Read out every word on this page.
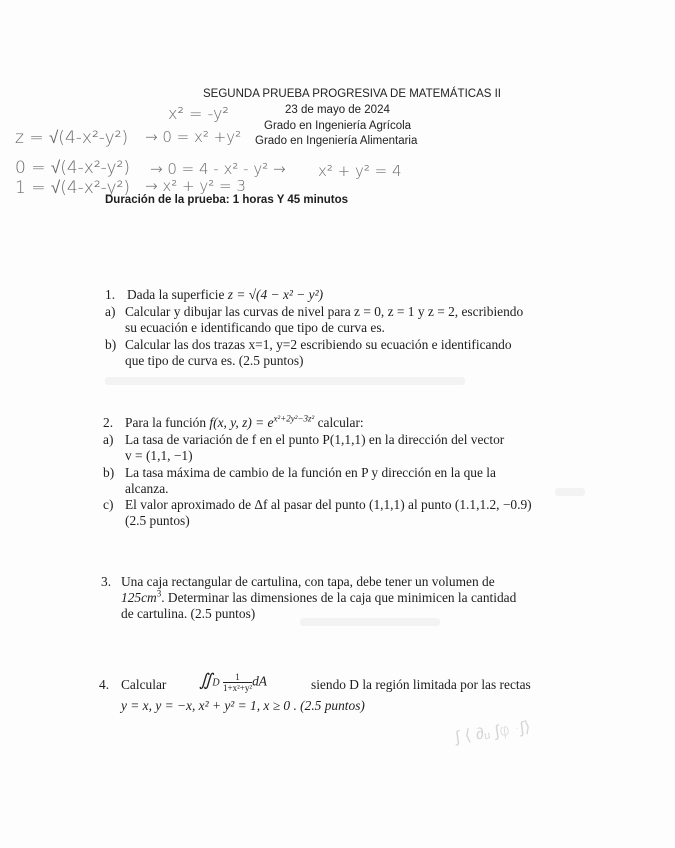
SEGUNDA PRUEBA PROGRESIVA DE MATEMÁTICAS II
23 de mayo de 2024
Grado en Ingeniería Agrícola
Grado en Ingeniería Alimentaria
x² = -y²
z = √(4-x²-y²) → 0 = x² +y²
0 = √(4-x²-y²) → 0 = 4 - x² - y² → x² + y² = 4
1 = √(4-x²-y²) → x² + y² = 3
Duración de la prueba: 1 horas Y 45 minutos
1. Dada la superficie z = √(4 − x² − y²)
a) Calcular y dibujar las curvas de nivel para z = 0, z = 1 y z = 2, escribiendo
su ecuación e identificando que tipo de curva es.
b) Calcular las dos trazas x=1, y=2 escribiendo su ecuación e identificando
que tipo de curva es. (2.5 puntos)
2. Para la función f(x, y, $z) = e^{x^2+2y^2-3z^2}$ calcular:
a) La tasa de variación de f en el punto P(1,1,1) en la dirección del vector
v = (1,1, −1)
b) La tasa máxima de cambio de la función en P y dirección en la que la
alcanza.
c) El valor aproximado de Δf al pasar del punto (1,1,1) al punto (1.1,1.2, −0.9)
(2.5 puntos)
3. Una caja rectangular de cartulina, con tapa, debe tener un volumen de
$125cm^3$. Determinar las dimensiones de la caja que minimicen la cantidad
de cartulina. (2.5 puntos)
4. Calcular ∬D $\frac{1}{\text{1+x²+y²}}$ dA	siendo D la región limitada por las rectas
y = x, y = −x, x² + y² = 1, x ≥ 0 . (2.5 puntos)
∫ ⟨ ∂ᵤ ∫φ ·∫⟩
